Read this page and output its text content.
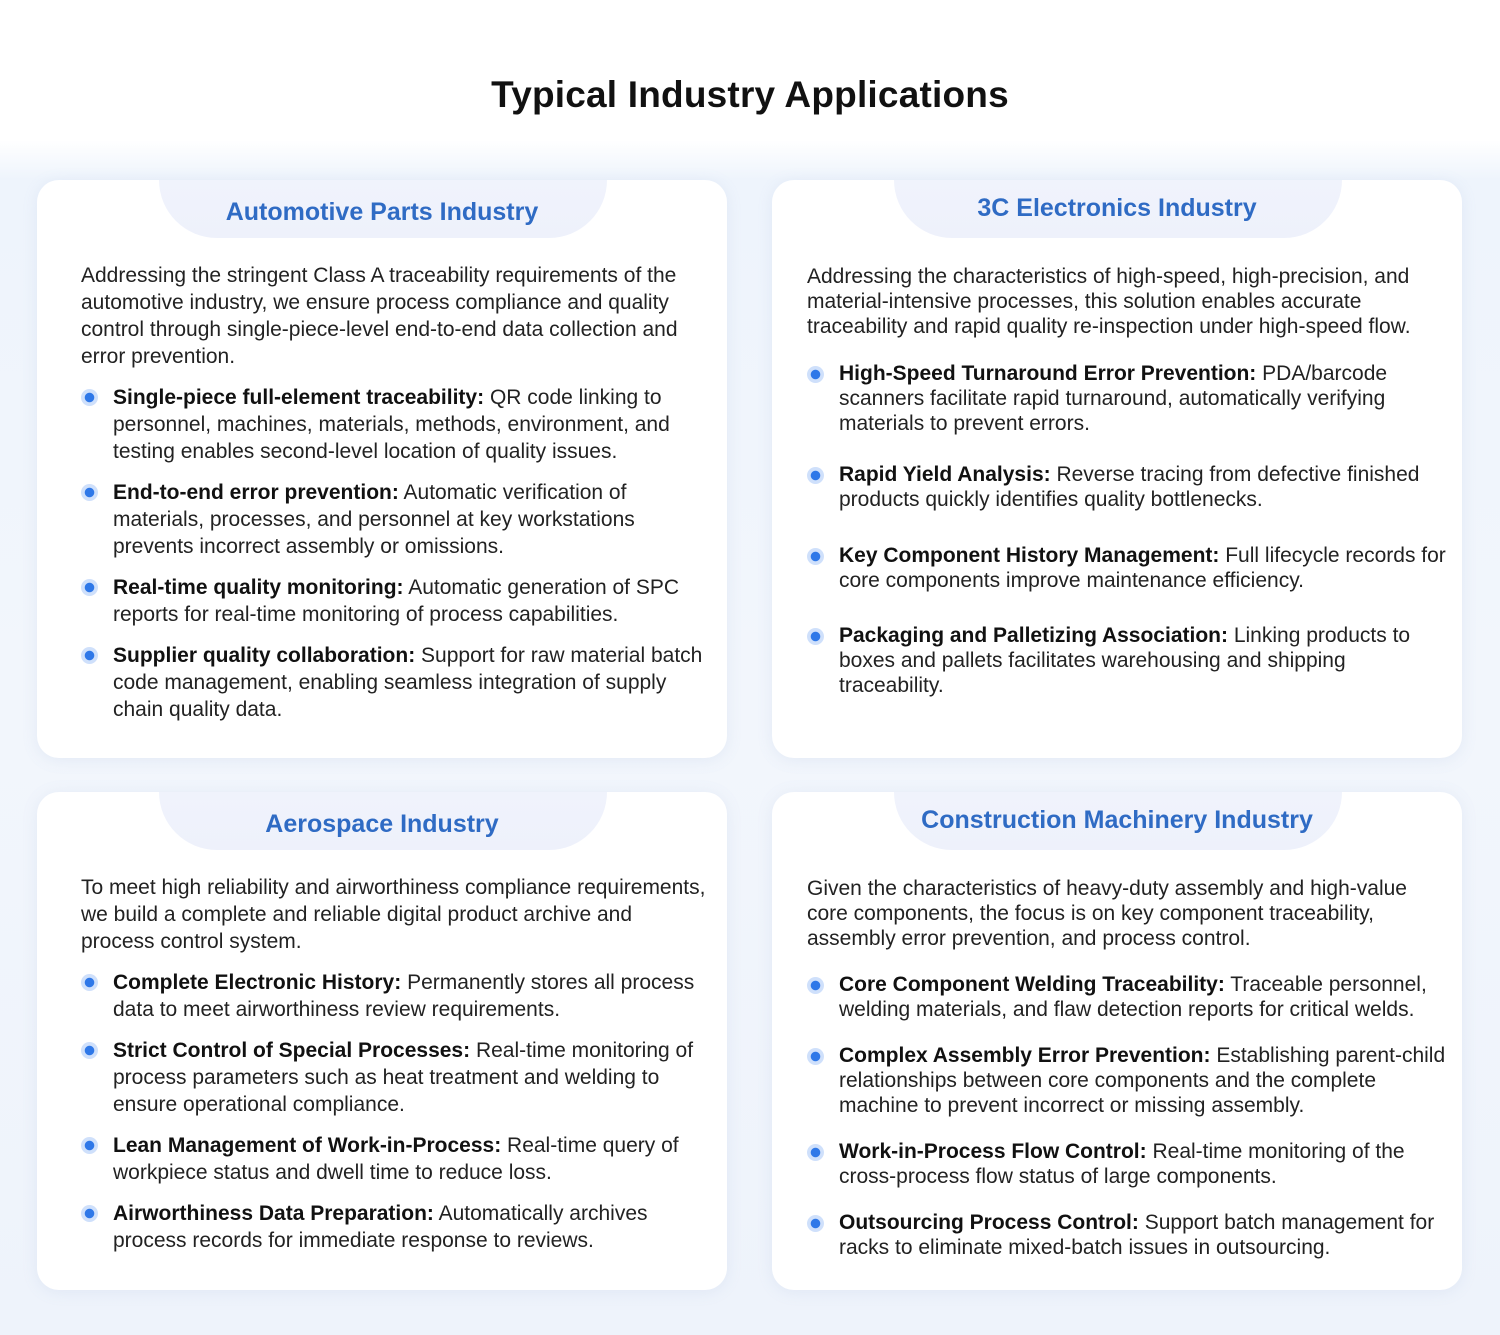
Typical Industry Applications
Automotive Parts Industry

Addressing the stringent Class A traceability requirements of the automotive industry, we ensure process compliance and quality control through single-piece-level end-to-end data collection and error prevention.

Single-piece full-element traceability: QR code linking to personnel, machines, materials, methods, environment, and testing enables second-level location of quality issues.
End-to-end error prevention: Automatic verification of materials, processes, and personnel at key workstations prevents incorrect assembly or omissions.
Real-time quality monitoring: Automatic generation of SPC reports for real-time monitoring of process capabilities.
Supplier quality collaboration: Support for raw material batch code management, enabling seamless integration of supply chain quality data.
3C Electronics Industry

Addressing the characteristics of high-speed, high-precision, and material-intensive processes, this solution enables accurate traceability and rapid quality re-inspection under high-speed flow.

High-Speed Turnaround Error Prevention: PDA/barcode scanners facilitate rapid turnaround, automatically verifying materials to prevent errors.
Rapid Yield Analysis: Reverse tracing from defective finished products quickly identifies quality bottlenecks.
Key Component History Management: Full lifecycle records for core components improve maintenance efficiency.
Packaging and Palletizing Association: Linking products to boxes and pallets facilitates warehousing and shipping traceability.
Aerospace Industry

To meet high reliability and airworthiness compliance requirements, we build a complete and reliable digital product archive and process control system.

Complete Electronic History: Permanently stores all process data to meet airworthiness review requirements.
Strict Control of Special Processes: Real-time monitoring of process parameters such as heat treatment and welding to ensure operational compliance.
Lean Management of Work-in-Process: Real-time query of workpiece status and dwell time to reduce loss.
Airworthiness Data Preparation: Automatically archives process records for immediate response to reviews.
Construction Machinery Industry

Given the characteristics of heavy-duty assembly and high-value core components, the focus is on key component traceability, assembly error prevention, and process control.

Core Component Welding Traceability: Traceable personnel, welding materials, and flaw detection reports for critical welds.
Complex Assembly Error Prevention: Establishing parent-child relationships between core components and the complete machine to prevent incorrect or missing assembly.
Work-in-Process Flow Control: Real-time monitoring of the cross-process flow status of large components.
Outsourcing Process Control: Support batch management for racks to eliminate mixed-batch issues in outsourcing.
